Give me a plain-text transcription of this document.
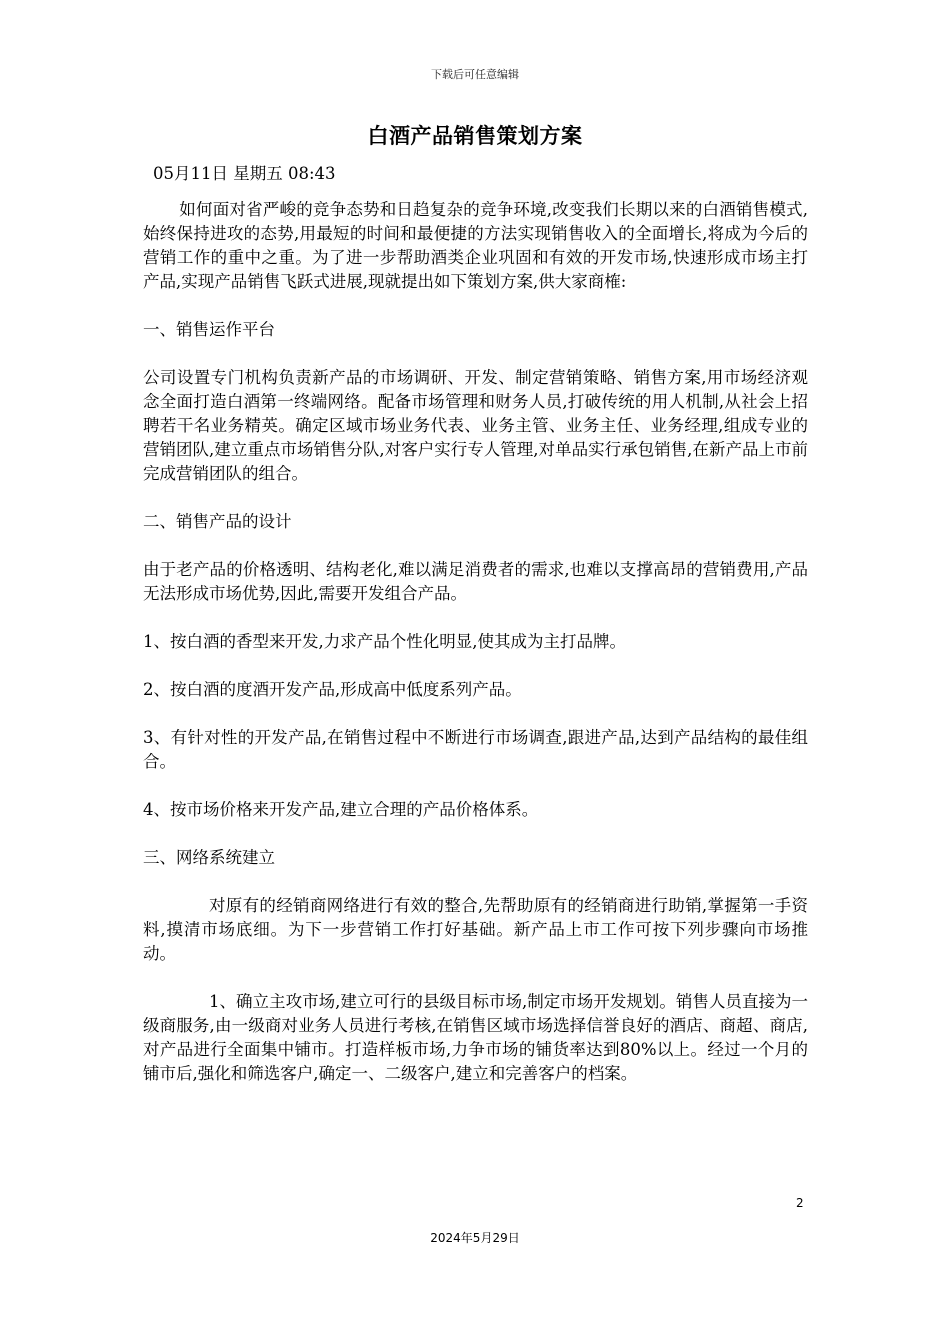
下载后可任意编辑
白酒产品销售策划方案

05月11日 星期五 08:43

如何面对省严峻的竞争态势和日趋复杂的竞争环境,改变我们长期以来的白酒销售模式,始终保持进攻的态势,用最短的时间和最便捷的方法实现销售收入的全面增长,将成为今后的营销工作的重中之重。为了进一步帮助酒类企业巩固和有效的开发市场,快速形成市场主打产品,实现产品销售飞跃式进展,现就提出如下策划方案,供大家商榷:

一、销售运作平台

公司设置专门机构负责新产品的市场调研、开发、制定营销策略、销售方案,用市场经济观念全面打造白酒第一终端网络。配备市场管理和财务人员,打破传统的用人机制,从社会上招聘若干名业务精英。确定区域市场业务代表、业务主管、业务主任、业务经理,组成专业的营销团队,建立重点市场销售分队,对客户实行专人管理,对单品实行承包销售,在新产品上市前完成营销团队的组合。

二、销售产品的设计

由于老产品的价格透明、结构老化,难以满足消费者的需求,也难以支撑高昂的营销费用,产品无法形成市场优势,因此,需要开发组合产品。

1、按白酒的香型来开发,力求产品个性化明显,使其成为主打品牌。

2、按白酒的度酒开发产品,形成高中低度系列产品。

3、有针对性的开发产品,在销售过程中不断进行市场调查,跟进产品,达到产品结构的最佳组合。

4、按市场价格来开发产品,建立合理的产品价格体系。

三、网络系统建立

对原有的经销商网络进行有效的整合,先帮助原有的经销商进行助销,掌握第一手资料,摸清市场底细。为下一步营销工作打好基础。新产品上市工作可按下列步骤向市场推动。

1、确立主攻市场,建立可行的县级目标市场,制定市场开发规划。销售人员直接为一级商服务,由一级商对业务人员进行考核,在销售区域市场选择信誉良好的酒店、商超、商店,对产品进行全面集中铺市。打造样板市场,力争市场的铺货率达到80%以上。经过一个月的铺市后,强化和筛选客户,确定一、二级客户,建立和完善客户的档案。

2
2024年5月29日
